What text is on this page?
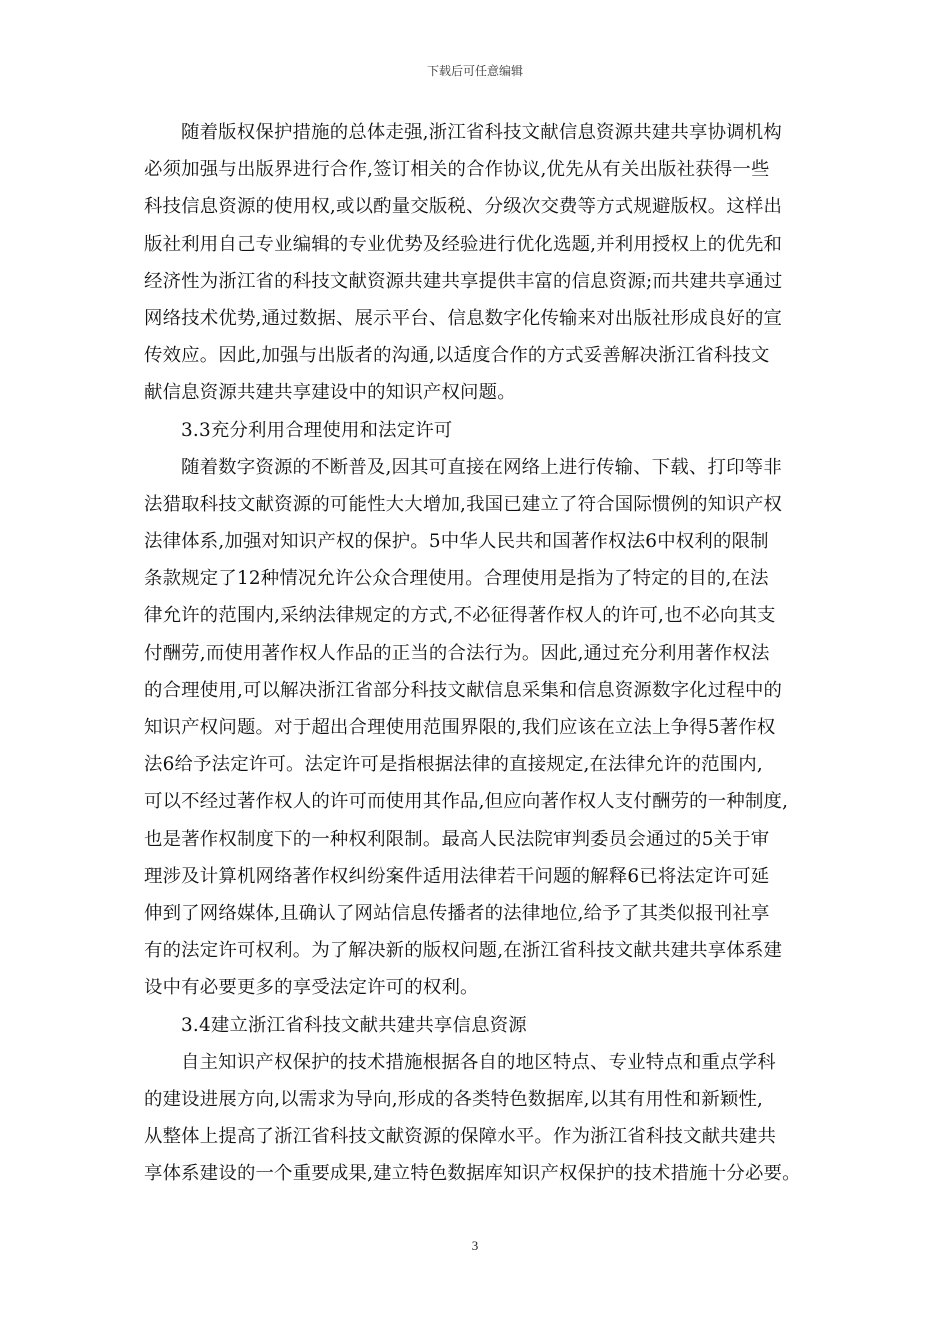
下载后可任意编辑
随着版权保护措施的总体走强,浙江省科技文献信息资源共建共享协调机构
必须加强与出版界进行合作,签订相关的合作协议,优先从有关出版社获得一些
科技信息资源的使用权,或以酌量交版税、分级次交费等方式规避版权。这样出
版社利用自己专业编辑的专业优势及经验进行优化选题,并利用授权上的优先和
经济性为浙江省的科技文献资源共建共享提供丰富的信息资源;而共建共享通过
网络技术优势,通过数据、展示平台、信息数字化传输来对出版社形成良好的宣
传效应。因此,加强与出版者的沟通,以适度合作的方式妥善解决浙江省科技文
献信息资源共建共享建设中的知识产权问题。
3.3充分利用合理使用和法定许可
随着数字资源的不断普及,因其可直接在网络上进行传输、下载、打印等非
法猎取科技文献资源的可能性大大增加,我国已建立了符合国际惯例的知识产权
法律体系,加强对知识产权的保护。5中华人民共和国著作权法6中权利的限制
条款规定了12种情况允许公众合理使用。合理使用是指为了特定的目的,在法
律允许的范围内,采纳法律规定的方式,不必征得著作权人的许可,也不必向其支
付酬劳,而使用著作权人作品的正当的合法行为。因此,通过充分利用著作权法
的合理使用,可以解决浙江省部分科技文献信息采集和信息资源数字化过程中的
知识产权问题。对于超出合理使用范围界限的,我们应该在立法上争得5著作权
法6给予法定许可。法定许可是指根据法律的直接规定,在法律允许的范围内,
可以不经过著作权人的许可而使用其作品,但应向著作权人支付酬劳的一种制度,
也是著作权制度下的一种权利限制。最高人民法院审判委员会通过的5关于审
理涉及计算机网络著作权纠纷案件适用法律若干问题的解释6已将法定许可延
伸到了网络媒体,且确认了网站信息传播者的法律地位,给予了其类似报刊社享
有的法定许可权利。为了解决新的版权问题,在浙江省科技文献共建共享体系建
设中有必要更多的享受法定许可的权利。
3.4建立浙江省科技文献共建共享信息资源
自主知识产权保护的技术措施根据各自的地区特点、专业特点和重点学科
的建设进展方向,以需求为导向,形成的各类特色数据库,以其有用性和新颖性,
从整体上提高了浙江省科技文献资源的保障水平。作为浙江省科技文献共建共
享体系建设的一个重要成果,建立特色数据库知识产权保护的技术措施十分必要。
3
